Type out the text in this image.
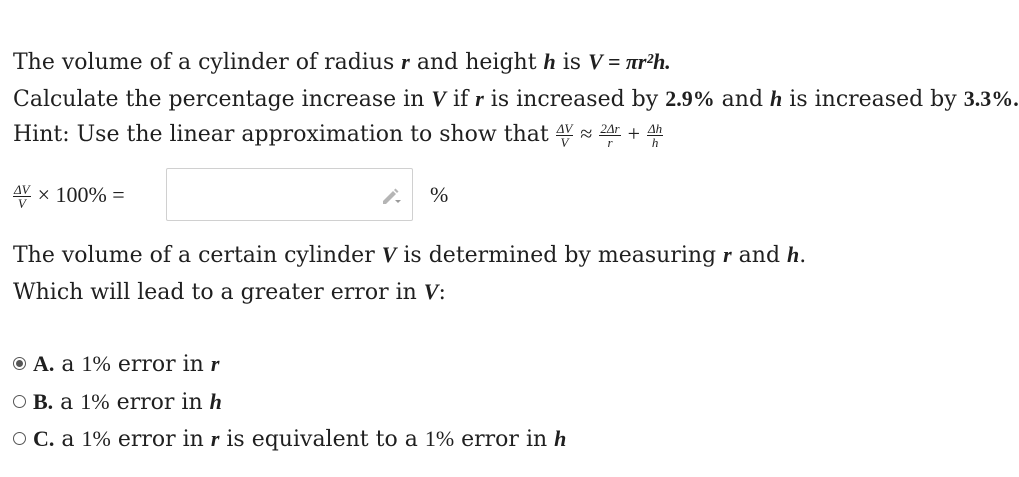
The volume of a cylinder of radius r and height h is V = πr²h.
Calculate the percentage increase in V if r is increased by 2.9% and h is increased by 3.3%.
Hint: Use the linear approximation to show that $\frac{\Delta V}{V} \approx \frac{2\Delta r}{r} + \frac{\Delta h}{h}$
$\frac{\Delta V}{V} \times 100\%$ =	%
The volume of a certain cylinder V is determined by measuring r and h.
Which will lead to a greater error in V:
A. a 1% error in r
B. a 1% error in h
C. a 1% error in r is equivalent to a 1% error in h
